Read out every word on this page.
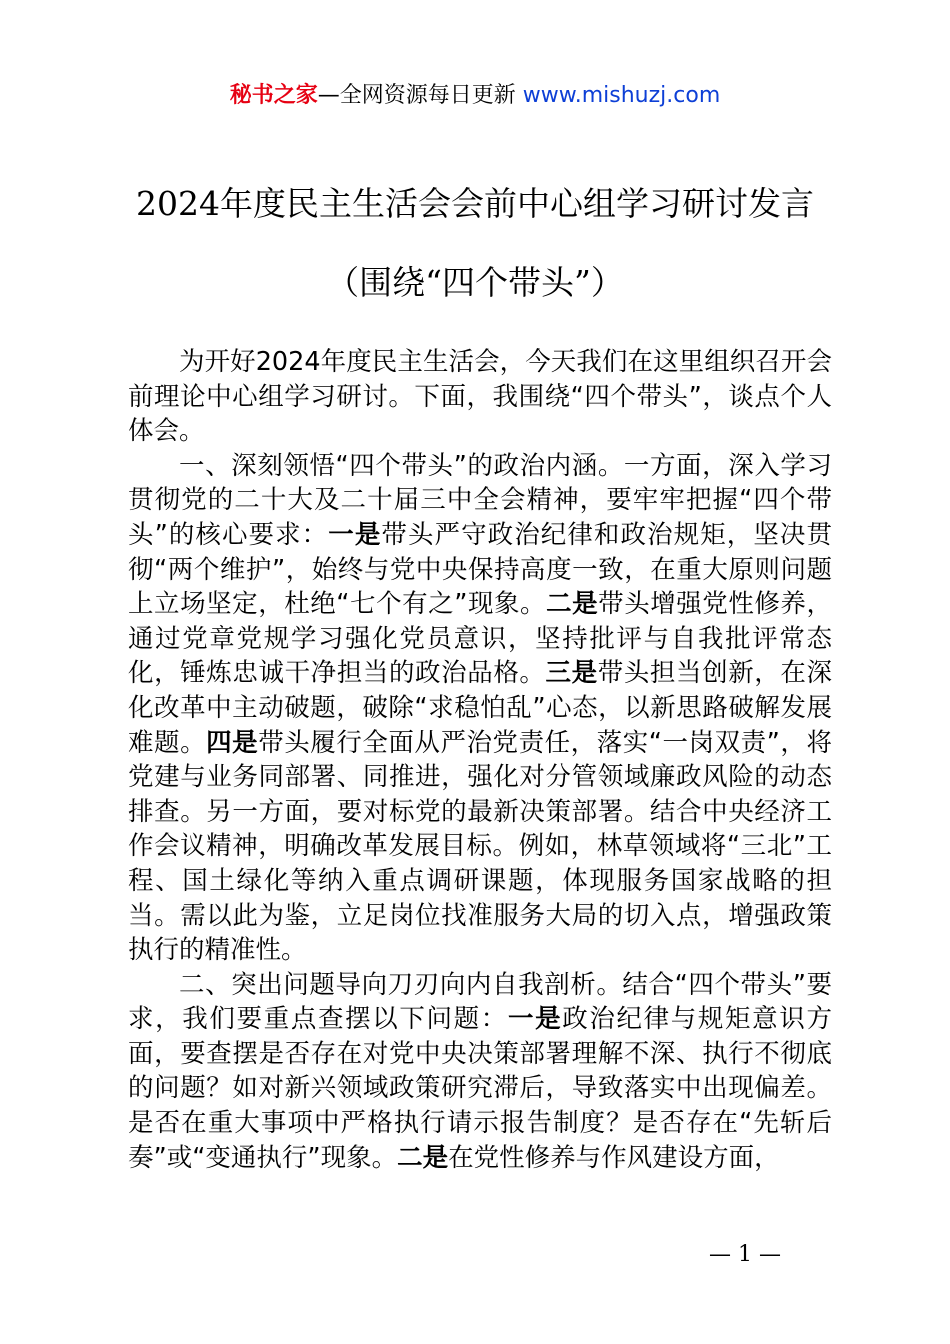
秘书之家—全网资源每日更新 www.mishuzj.com
2024年度民主生活会会前中心组学习研讨发言（围绕“四个带头”）

为开好2024年度民主生活会，今天我们在这里组织召开会前理论中心组学习研讨。下面，我围绕“四个带头”，谈点个人体会。

一、深刻领悟“四个带头”的政治内涵。一方面，深入学习贯彻党的二十大及二十届三中全会精神，要牢牢把握“四个带头”的核心要求：一是带头严守政治纪律和政治规矩，坚决贯彻“两个维护”，始终与党中央保持高度一致，在重大原则问题上立场坚定，杜绝“七个有之”现象。二是带头增强党性修养，通过党章党规学习强化党员意识，坚持批评与自我批评常态化，锤炼忠诚干净担当的政治品格。三是带头担当创新，在深化改革中主动破题，破除“求稳怕乱”心态，以新思路破解发展难题。四是带头履行全面从严治党责任，落实“一岗双责”，将党建与业务同部署、同推进，强化对分管领域廉政风险的动态排查。另一方面，要对标党的最新决策部署。结合中央经济工作会议精神，明确改革发展目标。例如，林草领域将“三北”工程、国土绿化等纳入重点调研课题，体现服务国家战略的担当。需以此为鉴，立足岗位找准服务大局的切入点，增强政策执行的精准性。

二、突出问题导向刀刃向内自我剖析。结合“四个带头”要求，我们要重点查摆以下问题：一是政治纪律与规矩意识方面，要查摆是否存在对党中央决策部署理解不深、执行不彻底的问题？如对新兴领域政策研究滞后，导致落实中出现偏差。是否在重大事项中严格执行请示报告制度？是否存在“先斩后奏”或“变通执行”现象。二是在党性修养与作风建设方面，

— 1 —
